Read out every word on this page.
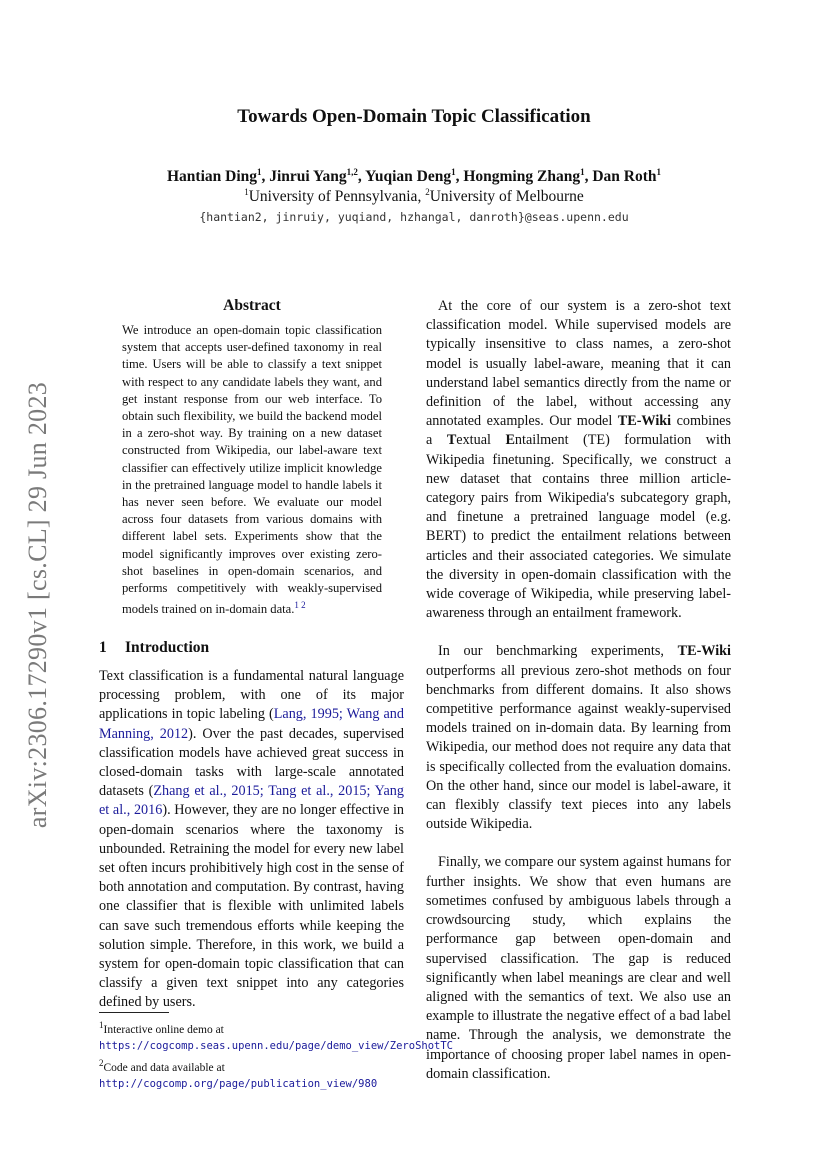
arXiv:2306.17290v1 [cs.CL] 29 Jun 2023
Towards Open-Domain Topic Classification
Hantian Ding$^1$, Jinrui Yang$^{1,2}$, Yuqian Deng$^1$, Hongming Zhang$^1$, Dan Roth$^1$
$^1$University of Pennsylvania, $^2$University of Melbourne
{hantian2, jinruiy, yuqiand, hzhangal, danroth}@seas.upenn.edu
Abstract

We introduce an open-domain topic classification system that accepts user-defined taxonomy in real time. Users will be able to classify a text snippet with respect to any candidate labels they want, and get instant response from our web interface. To obtain such flexibility, we build the backend model in a zero-shot way. By training on a new dataset constructed from Wikipedia, our label-aware text classifier can effectively utilize implicit knowledge in the pretrained language model to handle labels it has never seen before. We evaluate our model across four datasets from various domains with different label sets. Experiments show that the model significantly improves over existing zero-shot baselines in open-domain scenarios, and performs competitively with weakly-supervised models trained on in-domain data.$^{1 2}$

1 Introduction

Text classification is a fundamental natural language processing problem, with one of its major applications in topic labeling (Lang, 1995; Wang and Manning, 2012). Over the past decades, supervised classification models have achieved great success in closed-domain tasks with large-scale annotated datasets (Zhang et al., 2015; Tang et al., 2015; Yang et al., 2016). However, they are no longer effective in open-domain scenarios where the taxonomy is unbounded. Retraining the model for every new label set often incurs prohibitively high cost in the sense of both annotation and computation. By contrast, having one classifier that is flexible with unlimited labels can save such tremendous efforts while keeping the solution simple. Therefore, in this work, we build a system for open-domain topic classification that can classify a given text snippet into any categories defined by users.

$^1$Interactive online demo at https://cogcomp.seas.upenn.edu/page/demo_view/ZeroShotTC

$^2$Code and data available at http://cogcomp.org/page/publication_view/980

At the core of our system is a zero-shot text classification model. While supervised models are typically insensitive to class names, a zero-shot model is usually label-aware, meaning that it can understand label semantics directly from the name or definition of the label, without accessing any annotated examples. Our model TE-Wiki combines a Textual Entailment (TE) formulation with Wikipedia finetuning. Specifically, we construct a new dataset that contains three million article-category pairs from Wikipedia's subcategory graph, and finetune a pretrained language model (e.g. BERT) to predict the entailment relations between articles and their associated categories. We simulate the diversity in open-domain classification with the wide coverage of Wikipedia, while preserving label-awareness through an entailment framework.

In our benchmarking experiments, TE-Wiki outperforms all previous zero-shot methods on four benchmarks from different domains. It also shows competitive performance against weakly-supervised models trained on in-domain data. By learning from Wikipedia, our method does not require any data that is specifically collected from the evaluation domains. On the other hand, since our model is label-aware, it can flexibly classify text pieces into any labels outside Wikipedia.

Finally, we compare our system against humans for further insights. We show that even humans are sometimes confused by ambiguous labels through a crowdsourcing study, which explains the performance gap between open-domain and supervised classification. The gap is reduced significantly when label meanings are clear and well aligned with the semantics of text. We also use an example to illustrate the negative effect of a bad label name. Through the analysis, we demonstrate the importance of choosing proper label names in open-domain classification.
